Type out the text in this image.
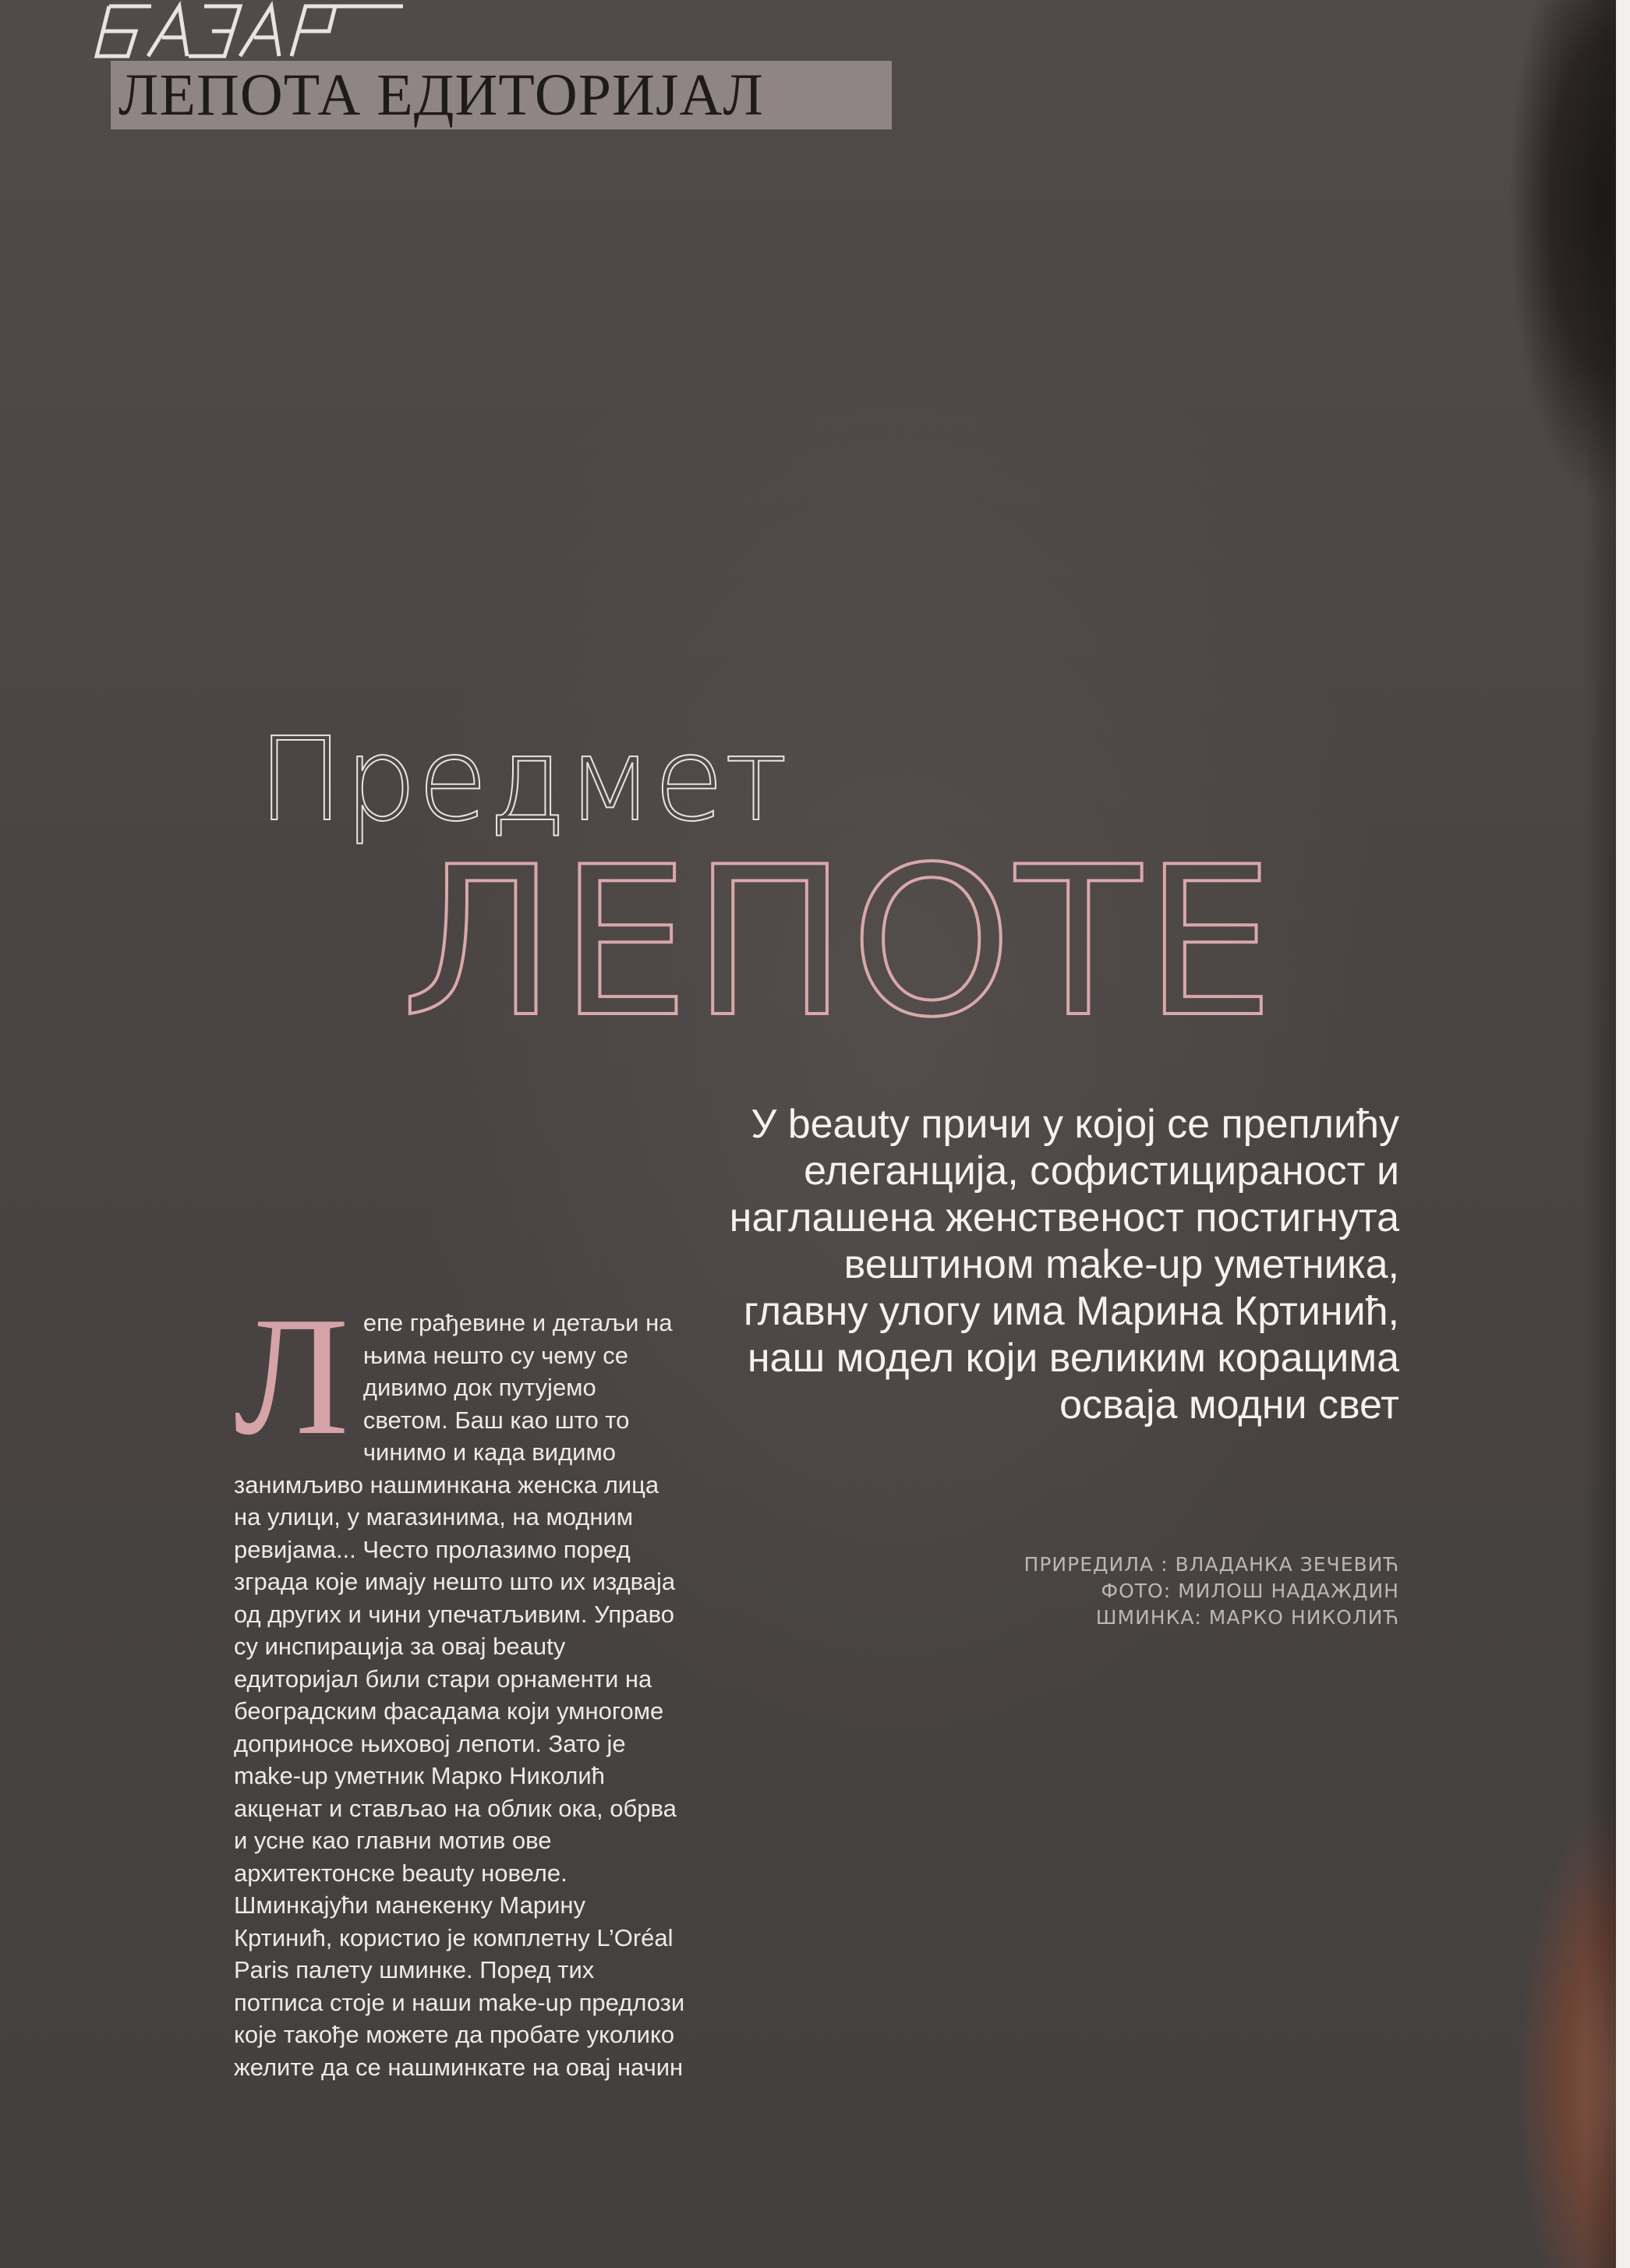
БАЗАР
ЛЕПОТА ЕДИТОРИЈАЛ
Предмет
ЛЕПОТЕ
У beauty причи у којој се преплићу елеганција, софистицираност и наглашена женственост постигнута вештином make-up уметника, главну улогу има Марина Кртинић, наш модел који великим корацима осваја модни свет
ПРИРЕДИЛА : ВЛАДАНКА ЗЕЧЕВИЋ
ФОТО: МИЛОШ НАДАЖДИН
ШМИНКА: МАРКО НИКОЛИЋ
Л епе грађевине и детаљи на њима нешто су чему се дивимо док путујемо светом. Баш као што то чинимо и када видимо занимљиво нашминкана женска лица на улици, у магазинима, на модним ревијама... Често пролазимо поред зграда које имају нешто што их издваја од других и чини упечатљивим. Управо су инспирација за овај beauty едиторијал били стари орнаменти на београдским фасадама који умногоме доприносе њиховој лепоти. Зато је make-up уметник Марко Николић акценат и стављао на облик ока, обрва и усне као главни мотив ове архитектонске beauty новеле. Шминкајући манекенку Марину Кртинић, користио је комплетну L’Oréal Paris палету шминке. Поред тих потписа стоје и наши make-up предлози које такође можете да пробате уколико желите да се нашминкате на овај начин
